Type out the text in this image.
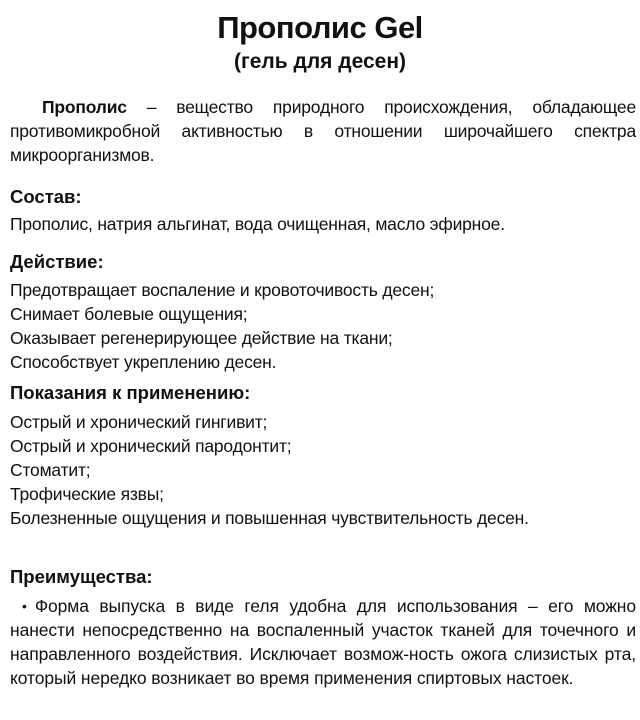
Прополис Gel
(гель для десен)

Прополис – вещество природного происхождения, обладающее противомикробной активностью в отношении широчайшего спектра микроорганизмов.

Состав:

Прополис, натрия альгинат, вода очищенная, масло эфирное.

Действие:
Предотвращает воспаление и кровоточивость десен;
Снимает болевые ощущения;
Оказывает регенерирующее действие на ткани;
Способствует укреплению десен.
Показания к применению:
Острый и хронический гингивит;
Острый и хронический пародонтит;
Стоматит;
Трофические язвы;
Болезненные ощущения и повышенная чувствительность десен.
Преимущества:

• Форма выпуска в виде геля удобна для использования – его можно нанести непосредственно на воспаленный участок тканей для точечного и направленного воздействия. Исключает возмож-ность ожога слизистых рта, который нередко возникает во время применения спиртовых настоек.
